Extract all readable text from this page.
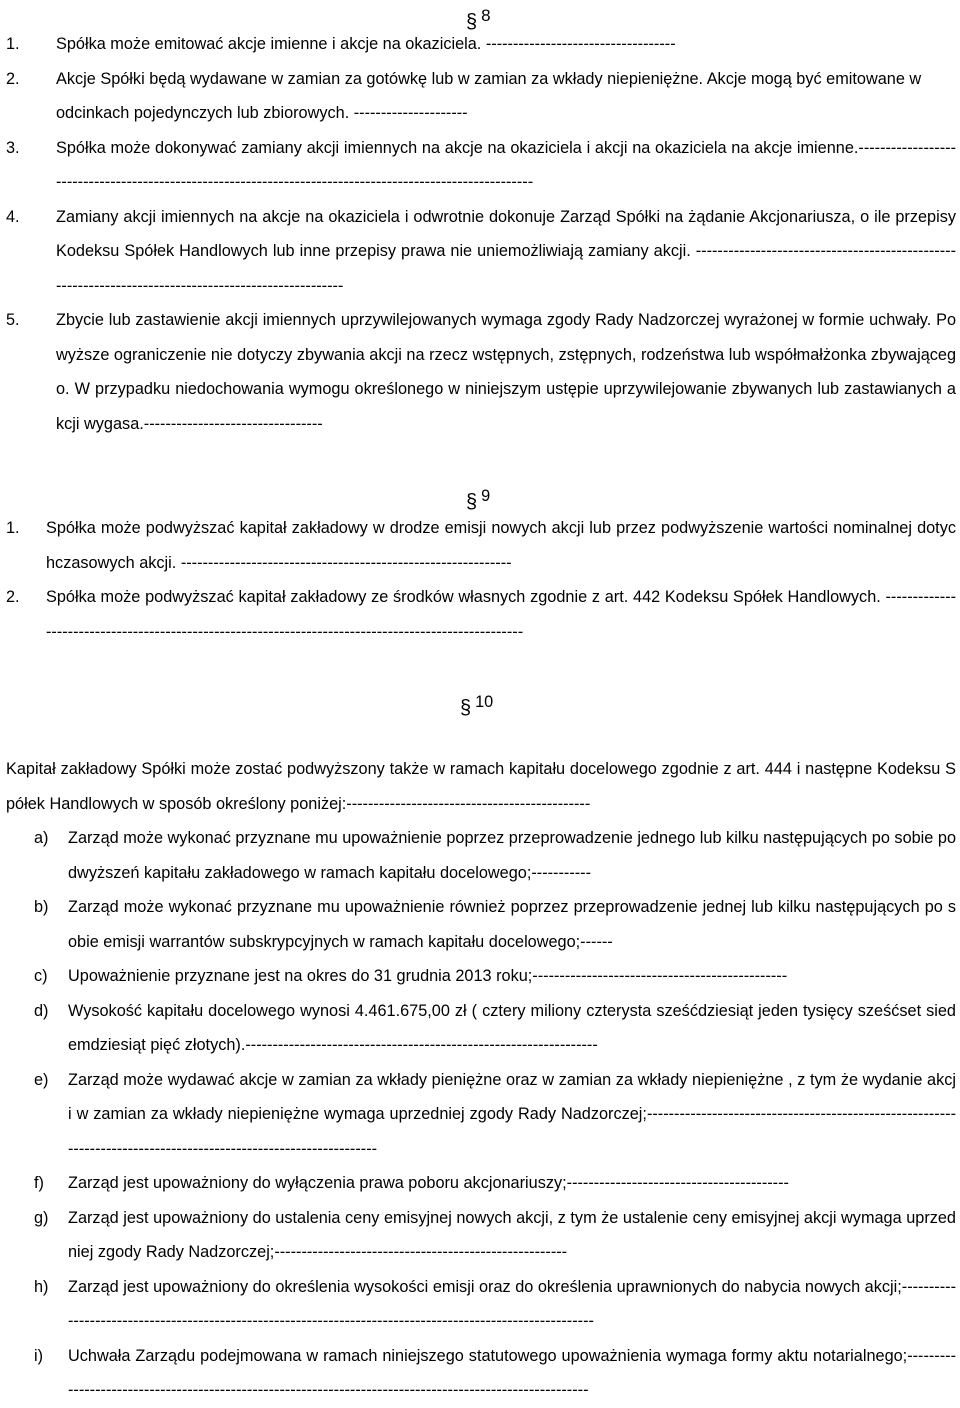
§ 8
1. Spółka może emitować akcje imienne i akcje na okaziciela. -----------------------------------
2. Akcje Spółki będą wydawane w zamian za gotówkę lub w zamian za wkłady niepieniężne. Akcje mogą być emitowane w odcinkach pojedynczych lub zbiorowych. ---------------------
3. Spółka może dokonywać zamiany akcji imiennych na akcje na okaziciela i akcji na okaziciela na akcje imienne.----------------------------------------------------------------------------------------------------------
4. Zamiany akcji imiennych na akcje na okaziciela i odwrotnie dokonuje Zarząd Spółki na żądanie Akcjonariusza, o ile przepisy Kodeksu Spółek Handlowych lub inne przepisy prawa nie uniemożliwiają zamiany akcji. -----------------------------------------------------------------------------------------------------
5. Zbycie lub zastawienie akcji imiennych uprzywilejowanych wymaga zgody Rady Nadzorczej wyrażonej w formie uchwały. Powyższe ograniczenie nie dotyczy zbywania akcji na rzecz wstępnych, zstępnych, rodzeństwa lub współmałżonka zbywającego. W przypadku niedochowania wymogu określonego w niniejszym ustępie uprzywilejowanie zbywanych lub zastawianych akcji wygasa.---------------------------------
§ 9
1. Spółka może podwyższać kapitał zakładowy w drodze emisji nowych akcji lub przez podwyższenie wartości nominalnej dotychczasowych akcji. -------------------------------------------------------------
2. Spółka może podwyższać kapitał zakładowy ze środków własnych zgodnie z art. 442 Kodeksu Spółek Handlowych. -----------------------------------------------------------------------------------------------------
§ 10

Kapitał zakładowy Spółki może zostać podwyższony także w ramach kapitału docelowego zgodnie z art. 444 i następne Kodeksu Spółek Handlowych w sposób określony poniżej:---------------------------------------------

a) Zarząd może wykonać przyznane mu upoważnienie poprzez przeprowadzenie jednego lub kilku następujących po sobie podwyższeń kapitału zakładowego w ramach kapitału docelowego;-----------
b) Zarząd może wykonać przyznane mu upoważnienie również poprzez przeprowadzenie jednej lub kilku następujących po sobie emisji warrantów subskrypcyjnych w ramach kapitału docelowego;------
c) Upoważnienie przyznane jest na okres do 31 grudnia 2013 roku;-----------------------------------------------
d) Wysokość kapitału docelowego wynosi 4.461.675,00 zł ( cztery miliony czterysta sześćdziesiąt jeden tysięcy sześćset siedemdziesiąt pięć złotych).-----------------------------------------------------------------
e) Zarząd może wydawać akcje w zamian za wkłady pieniężne oraz w zamian za wkłady niepieniężne , z tym że wydanie akcji w zamian za wkłady niepieniężne wymaga uprzedniej zgody Rady Nadzorczej;------------------------------------------------------------------------------------------------------------------
f) Zarząd jest upoważniony do wyłączenia prawa poboru akcjonariuszy;-----------------------------------------
g) Zarząd jest upoważniony do ustalenia ceny emisyjnej nowych akcji, z tym że ustalenie ceny emisyjnej akcji wymaga uprzedniej zgody Rady Nadzorczej;------------------------------------------------------
h) Zarząd jest upoważniony do określenia wysokości emisji oraz do określenia uprawnionych do nabycia nowych akcji;-----------------------------------------------------------------------------------------------------------
i) Uchwała Zarządu podejmowana w ramach niniejszego statutowego upoważnienia wymaga formy aktu notarialnego;---------------------------------------------------------------------------------------------------------
